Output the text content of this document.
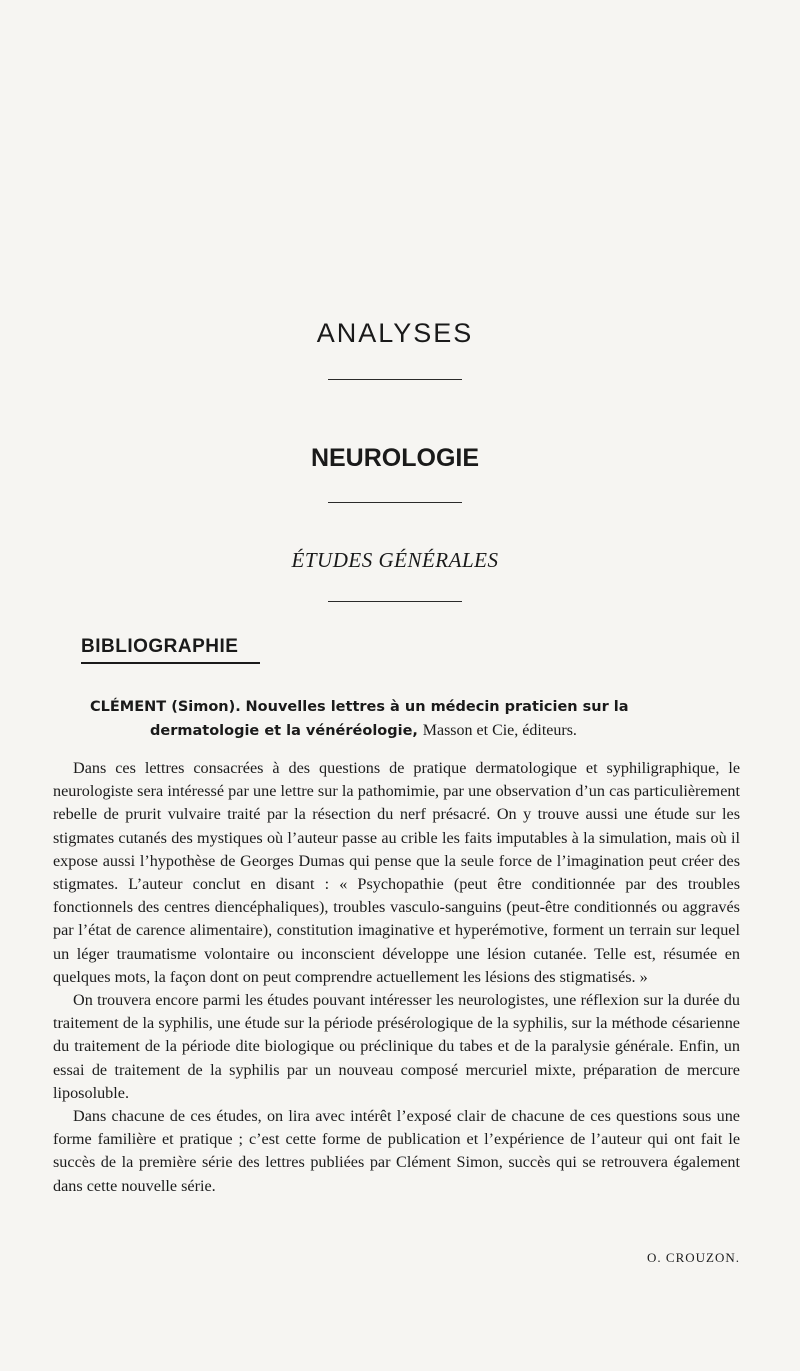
ANALYSES
NEUROLOGIE
ÉTUDES GÉNÉRALES
BIBLIOGRAPHIE
CLÉMENT (Simon). Nouvelles lettres à un médecin praticien sur la
dermatologie et la vénéréologie, Masson et Cie, éditeurs.

Dans ces lettres consacrées à des questions de pratique dermatologique et syphiligraphique, le neurologiste sera intéressé par une lettre sur la pathomimie, par une observation d’un cas particulièrement rebelle de prurit vulvaire traité par la résection du nerf présacré. On y trouve aussi une étude sur les stigmates cutanés des mystiques où l’auteur passe au crible les faits imputables à la simulation, mais où il expose aussi l’hypothèse de Georges Dumas qui pense que la seule force de l’imagination peut créer des stigmates. L’auteur conclut en disant : « Psychopathie (peut être conditionnée par des troubles fonctionnels des centres diencéphaliques), troubles vasculo-sanguins (peut-être conditionnés ou aggravés par l’état de carence alimentaire), constitution imaginative et hyperémotive, forment un terrain sur lequel un léger traumatisme volontaire ou inconscient développe une lésion cutanée. Telle est, résumée en quelques mots, la façon dont on peut comprendre actuellement les lésions des stigmatisés. »

On trouvera encore parmi les études pouvant intéresser les neurologistes, une réflexion sur la durée du traitement de la syphilis, une étude sur la période présérologique de la syphilis, sur la méthode césarienne du traitement de la période dite biologique ou préclinique du tabes et de la paralysie générale. Enfin, un essai de traitement de la syphilis par un nouveau composé mercuriel mixte, préparation de mercure liposoluble.

Dans chacune de ces études, on lira avec intérêt l’exposé clair de chacune de ces questions sous une forme familière et pratique ; c’est cette forme de publication et l’expérience de l’auteur qui ont fait le succès de la première série des lettres publiées par Clément Simon, succès qui se retrouvera également dans cette nouvelle série.

O. CROUZON.
